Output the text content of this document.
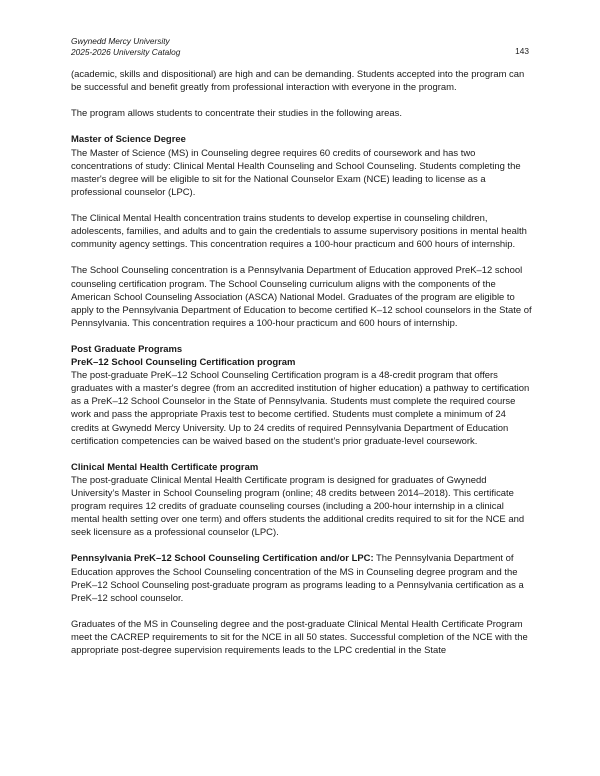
Gwynedd Mercy University
2025-2026 University Catalog	143

(academic, skills and dispositional) are high and can be demanding. Students accepted into the program can be successful and benefit greatly from professional interaction with everyone in the program.

The program allows students to concentrate their studies in the following areas.

Master of Science Degree
The Master of Science (MS) in Counseling degree requires 60 credits of coursework and has two concentrations of study: Clinical Mental Health Counseling and School Counseling. Students completing the master's degree will be eligible to sit for the National Counselor Exam (NCE) leading to license as a professional counselor (LPC).

The Clinical Mental Health concentration trains students to develop expertise in counseling children, adolescents, families, and adults and to gain the credentials to assume supervisory positions in mental health community agency settings. This concentration requires a 100-hour practicum and 600 hours of internship.

The School Counseling concentration is a Pennsylvania Department of Education approved PreK–12 school counseling certification program. The School Counseling curriculum aligns with the components of the American School Counseling Association (ASCA) National Model. Graduates of the program are eligible to apply to the Pennsylvania Department of Education to become certified K–12 school counselors in the State of Pennsylvania. This concentration requires a 100-hour practicum and 600 hours of internship.

Post Graduate Programs
PreK–12 School Counseling Certification program
The post-graduate PreK–12 School Counseling Certification program is a 48-credit program that offers graduates with a master's degree (from an accredited institution of higher education) a pathway to certification as a PreK–12 School Counselor in the State of Pennsylvania. Students must complete the required course work and pass the appropriate Praxis test to become certified. Students must complete a minimum of 24 credits at Gwynedd Mercy University. Up to 24 credits of required Pennsylvania Department of Education certification competencies can be waived based on the student’s prior graduate-level coursework.

Clinical Mental Health Certificate program
The post-graduate Clinical Mental Health Certificate program is designed for graduates of Gwynedd University’s Master in School Counseling program (online; 48 credits between 2014–2018). This certificate program requires 12 credits of graduate counseling courses (including a 200-hour internship in a clinical mental health setting over one term) and offers students the additional credits required to sit for the NCE and seek licensure as a professional counselor (LPC).

Pennsylvania PreK–12 School Counseling Certification and/or LPC: The Pennsylvania Department of Education approves the School Counseling concentration of the MS in Counseling degree program and the PreK–12 School Counseling post-graduate program as programs leading to a Pennsylvania certification as a PreK–12 school counselor.

Graduates of the MS in Counseling degree and the post-graduate Clinical Mental Health Certificate Program meet the CACREP requirements to sit for the NCE in all 50 states. Successful completion of the NCE with the appropriate post-degree supervision requirements leads to the LPC credential in the State
